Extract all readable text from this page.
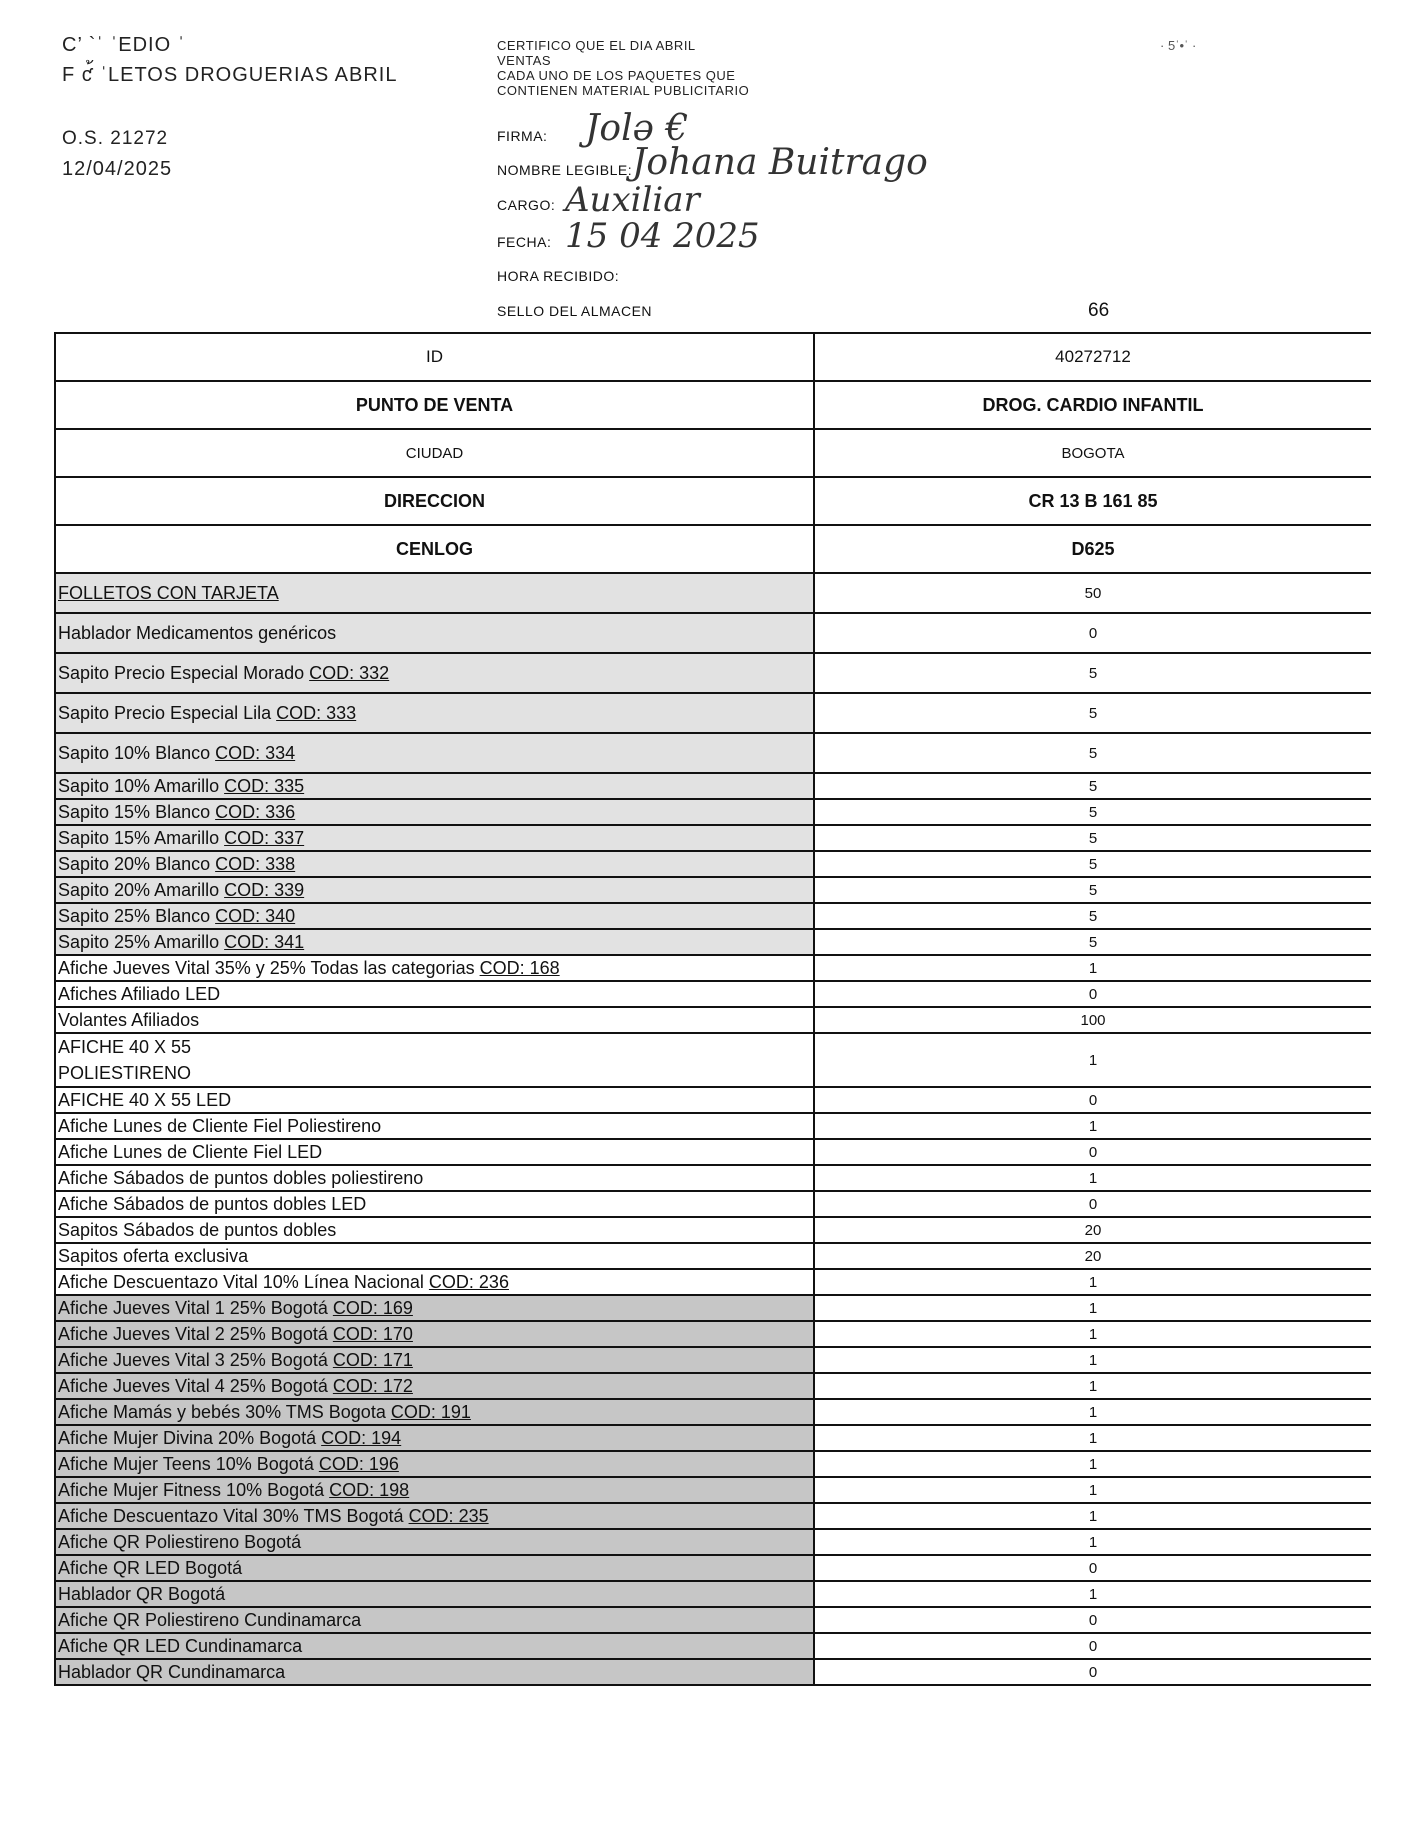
C’ `ˈ ˈEDIO ˈ
F ƈ้ ˈLETOS DROGUERIAS ABRIL
O.S. 21272
12/04/2025
· 5ˈ•ˈ ·
CERTIFICO QUE EL DIA ABRIL
VENTAS
CADA UNO DE LOS PAQUETES QUE
CONTIENEN MATERIAL PUBLICITARIO
FIRMA: Jolə €
NOMBRE LEGIBLE: Johana Buitrago
CARGO: Auxiliar
FECHA: 15 04 2025
HORA RECIBIDO:
SELLO DEL ALMACEN	66
ID	40272712
PUNTO DE VENTA	DROG. CARDIO INFANTIL
CIUDAD	BOGOTA
DIRECCION	CR 13 B 161 85
CENLOG	D625
FOLLETOS CON TARJETA	50
Hablador Medicamentos genéricos	0
Sapito Precio Especial Morado COD: 332	5
Sapito Precio Especial Lila COD: 333	5
Sapito 10% Blanco COD: 334	5
Sapito 10% Amarillo COD: 335	5
Sapito 15% Blanco COD: 336	5
Sapito 15% Amarillo COD: 337	5
Sapito 20% Blanco COD: 338	5
Sapito 20% Amarillo COD: 339	5
Sapito 25% Blanco COD: 340	5
Sapito 25% Amarillo COD: 341	5
Afiche Jueves Vital 35% y 25% Todas las categorias COD: 168	1
Afiches Afiliado LED	0
Volantes Afiliados	100
AFICHE 40 X 55
POLIESTIRENO	1
AFICHE 40 X 55 LED	0
Afiche Lunes de Cliente Fiel Poliestireno	1
Afiche Lunes de Cliente Fiel LED	0
Afiche Sábados de puntos dobles poliestireno	1
Afiche Sábados de puntos dobles LED	0
Sapitos Sábados de puntos dobles	20
Sapitos oferta exclusiva	20
Afiche Descuentazo Vital 10% Línea Nacional COD: 236	1
Afiche Jueves Vital 1 25% Bogotá COD: 169	1
Afiche Jueves Vital 2 25% Bogotá COD: 170	1
Afiche Jueves Vital 3 25% Bogotá COD: 171	1
Afiche Jueves Vital 4 25% Bogotá COD: 172	1
Afiche Mamás y bebés 30% TMS Bogota COD: 191	1
Afiche Mujer Divina 20% Bogotá COD: 194	1
Afiche Mujer Teens 10% Bogotá COD: 196	1
Afiche Mujer Fitness 10% Bogotá COD: 198	1
Afiche Descuentazo Vital 30% TMS Bogotá COD: 235	1
Afiche QR Poliestireno Bogotá	1
Afiche QR LED Bogotá	0
Hablador QR Bogotá	1
Afiche QR Poliestireno Cundinamarca	0
Afiche QR LED Cundinamarca	0
Hablador QR Cundinamarca	0
